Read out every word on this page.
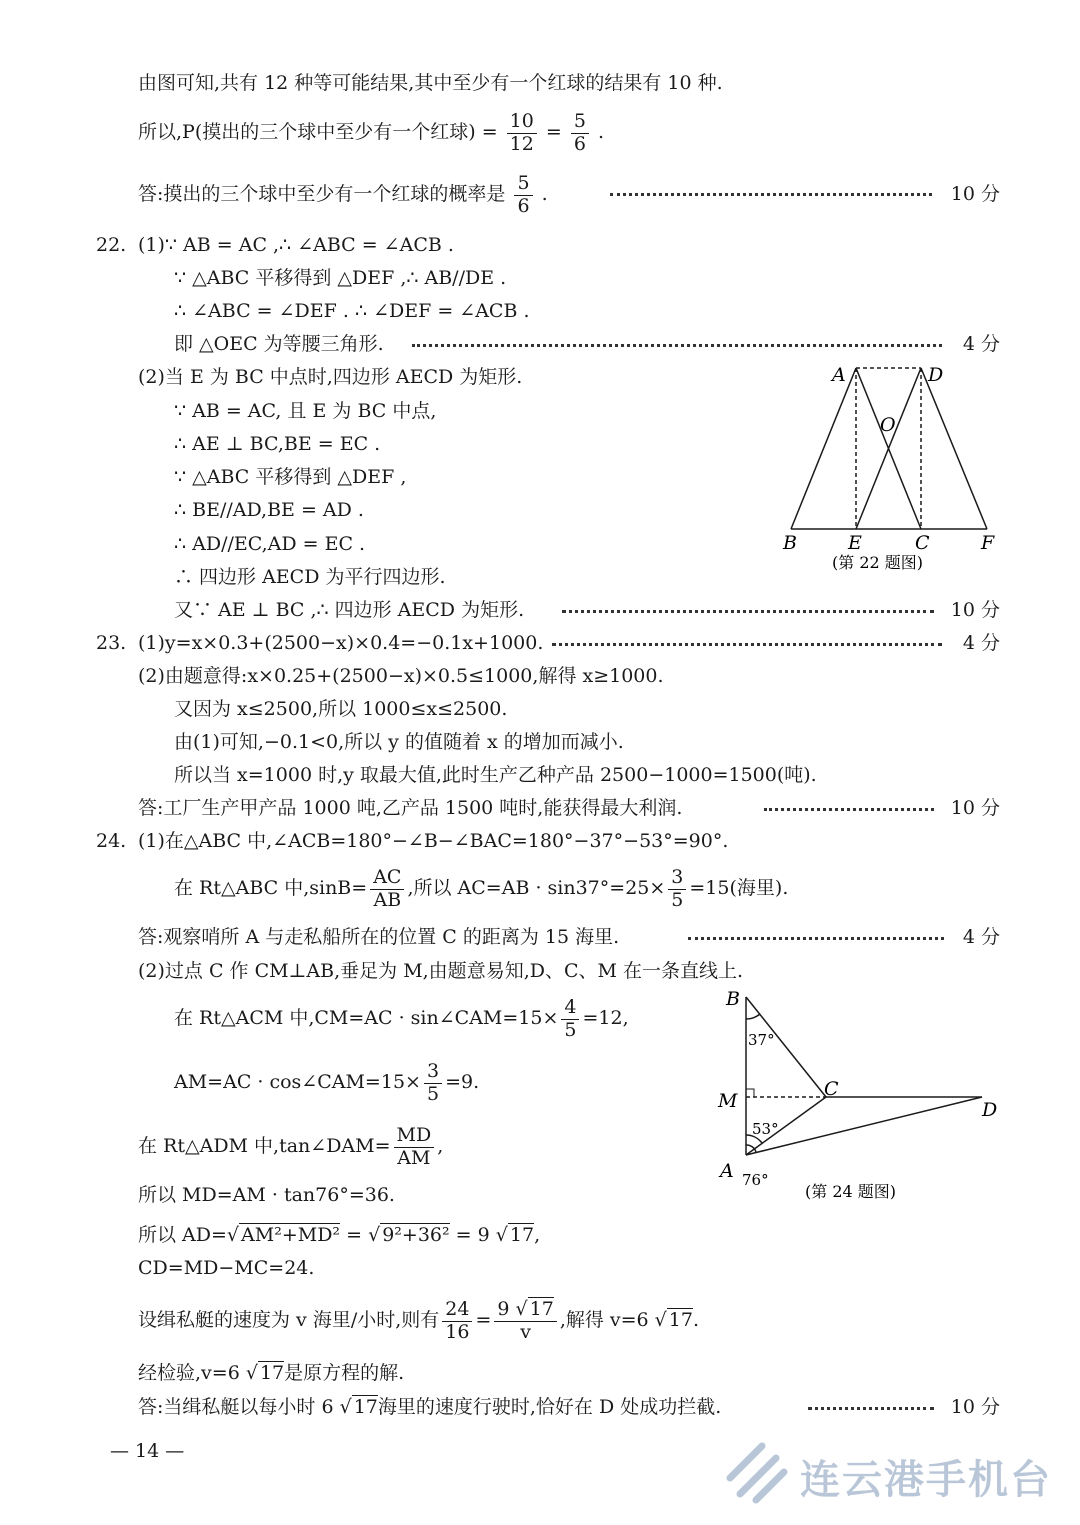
由图可知,共有 12 种等可能结果,其中至少有一个红球的结果有 10 种.
所以,P(摸出的三个球中至少有一个红球) = $\frac{10}{12} = \frac{5}{6}$ .
答:摸出的三个球中至少有一个红球的概率是 $\frac{5}{6}$ .	10 分
22. (1)∵ AB = AC ,∴ ∠ABC = ∠ACB .
∵ △ABC 平移得到 △DEF ,∴ AB//DE .
∴ ∠ABC = ∠DEF . ∴ ∠DEF = ∠ACB .
即 △OEC 为等腰三角形.	4 分
(2)当 E 为 BC 中点时,四边形 AECD 为矩形.
∵ AB = AC, 且 E 为 BC 中点,
∴ AE ⊥ BC,BE = EC .
∵ △ABC 平移得到 △DEF ,
∴ BE//AD,BE = AD .
∴ AD//EC,AD = EC .
∴ 四边形 AECD 为平行四边形.
又∵ AE ⊥ BC ,∴ 四边形 AECD 为矩形.	10 分
A	D
O
B	E	C	F
(第 22 题图)
23. (1)y=x×0.3+(2500−x)×0.4=−0.1x+1000.	4 分
(2)由题意得:x×0.25+(2500−x)×0.5≤1000,解得 x≥1000.
又因为 x≤2500,所以 1000≤x≤2500.
由(1)可知,−0.1<0,所以 y 的值随着 x 的增加而减小.
所以当 x=1000 时,y 取最大值,此时生产乙种产品 2500−1000=1500(吨).
答:工厂生产甲产品 1000 吨,乙产品 1500 吨时,能获得最大利润.	10 分
24. (1)在△ABC 中,∠ACB=180°−∠B−∠BAC=180°−37°−53°=90°.
在 Rt△ABC 中$,\sin B= \frac{AC}{AB}$ ,所以 $AC=AB \cdot \sin 37^\circ=25\times \frac{3}{5} =15$(海里).
答:观察哨所 A 与走私船所在的位置 C 的距离为 15 海里.	4 分
(2)过点 C 作 CM⊥AB,垂足为 M,由题意易知,D、C、M 在一条直线上.
在 Rt△ACM 中,CM=AC · sin∠CAM=15× $\frac{4}{5} =12$,
AM=AC · cos∠CAM=15× $\frac{3}{5} =9$.
在 Rt△ADM 中,tan∠DAM= $\frac{MD}{AM}$ ,
所以 MD=AM · tan76°=36.
所以 AD=√ AM²+MD² = √ 9²+36² = 9 √ 17,
CD=MD−MC=24.
设缉私艇的速度为 v 海里/小时,则有 $\frac{24}{16} = \frac{9 √ 17}{v}$ ,解得 v=6 √ 17.
经检验,v=6 √ 17是原方程的解.
答:当缉私艇以每小时 6 √ 17海里的速度行驶时,恰好在 D 处成功拦截.	10 分
B
C
M	D
A
37°
53°
76°
(第 24 题图)
— 14 —
连云港手机台
